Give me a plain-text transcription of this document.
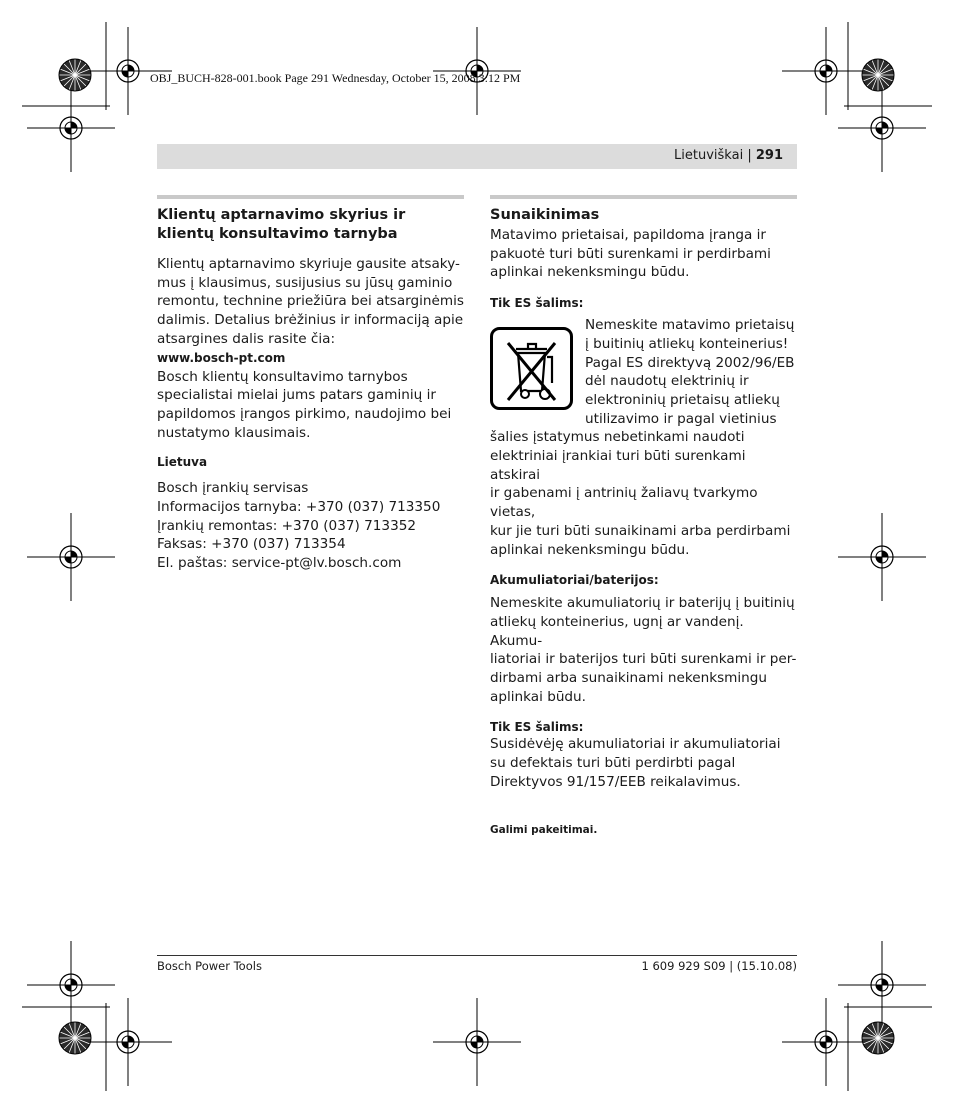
OBJ_BUCH-828-001.book Page 291 Wednesday, October 15, 2008 3:12 PM
Lietuviškai | 291
Klientų aptarnavimo skyrius ir klientų konsultavimo tarnyba

Klientų aptarnavimo skyriuje gausite atsaky-

mus į klausimus, susijusius su jūsų gaminio

remontu, technine priežiūra bei atsarginėmis

dalimis. Detalius brėžinius ir informaciją apie

atsargines dalis rasite čia:

www.bosch-pt.com

Bosch klientų konsultavimo tarnybos

specialistai mielai jums patars gaminių ir

papildomos įrangos pirkimo, naudojimo bei

nustatymo klausimais.

Lietuva

Bosch įrankių servisas

Informacijos tarnyba: +370 (037) 713350

Įrankių remontas: +370 (037) 713352

Faksas: +370 (037) 713354

El. paštas: service-pt@lv.bosch.com

Sunaikinimas

Matavimo prietaisai, papildoma įranga ir

pakuotė turi būti surenkami ir perdirbami

aplinkai nekenksmingu būdu.

Tik ES šalims:

Nemeskite matavimo prietaisų

į buitinių atliekų konteinerius!

Pagal ES direktyvą 2002/96/EB

dėl naudotų elektrinių ir

elektroninių prietaisų atliekų

utilizavimo ir pagal vietinius

šalies įstatymus nebetinkami naudoti

elektriniai įrankiai turi būti surenkami atskirai

ir gabenami į antrinių žaliavų tvarkymo vietas,

kur jie turi būti sunaikinami arba perdirbami

aplinkai nekenksmingu būdu.

Akumuliatoriai/baterijos:

Nemeskite akumuliatorių ir baterijų į buitinių

atliekų konteinerius, ugnį ar vandenį. Akumu-

liatoriai ir baterijos turi būti surenkami ir per-

dirbami arba sunaikinami nekenksmingu

aplinkai būdu.

Tik ES šalims:

Susidėvėję akumuliatoriai ir akumuliatoriai

su defektais turi būti perdirbti pagal

Direktyvos 91/157/EEB reikalavimus.

Galimi pakeitimai.

Bosch Power Tools	1 609 929 S09 | (15.10.08)
